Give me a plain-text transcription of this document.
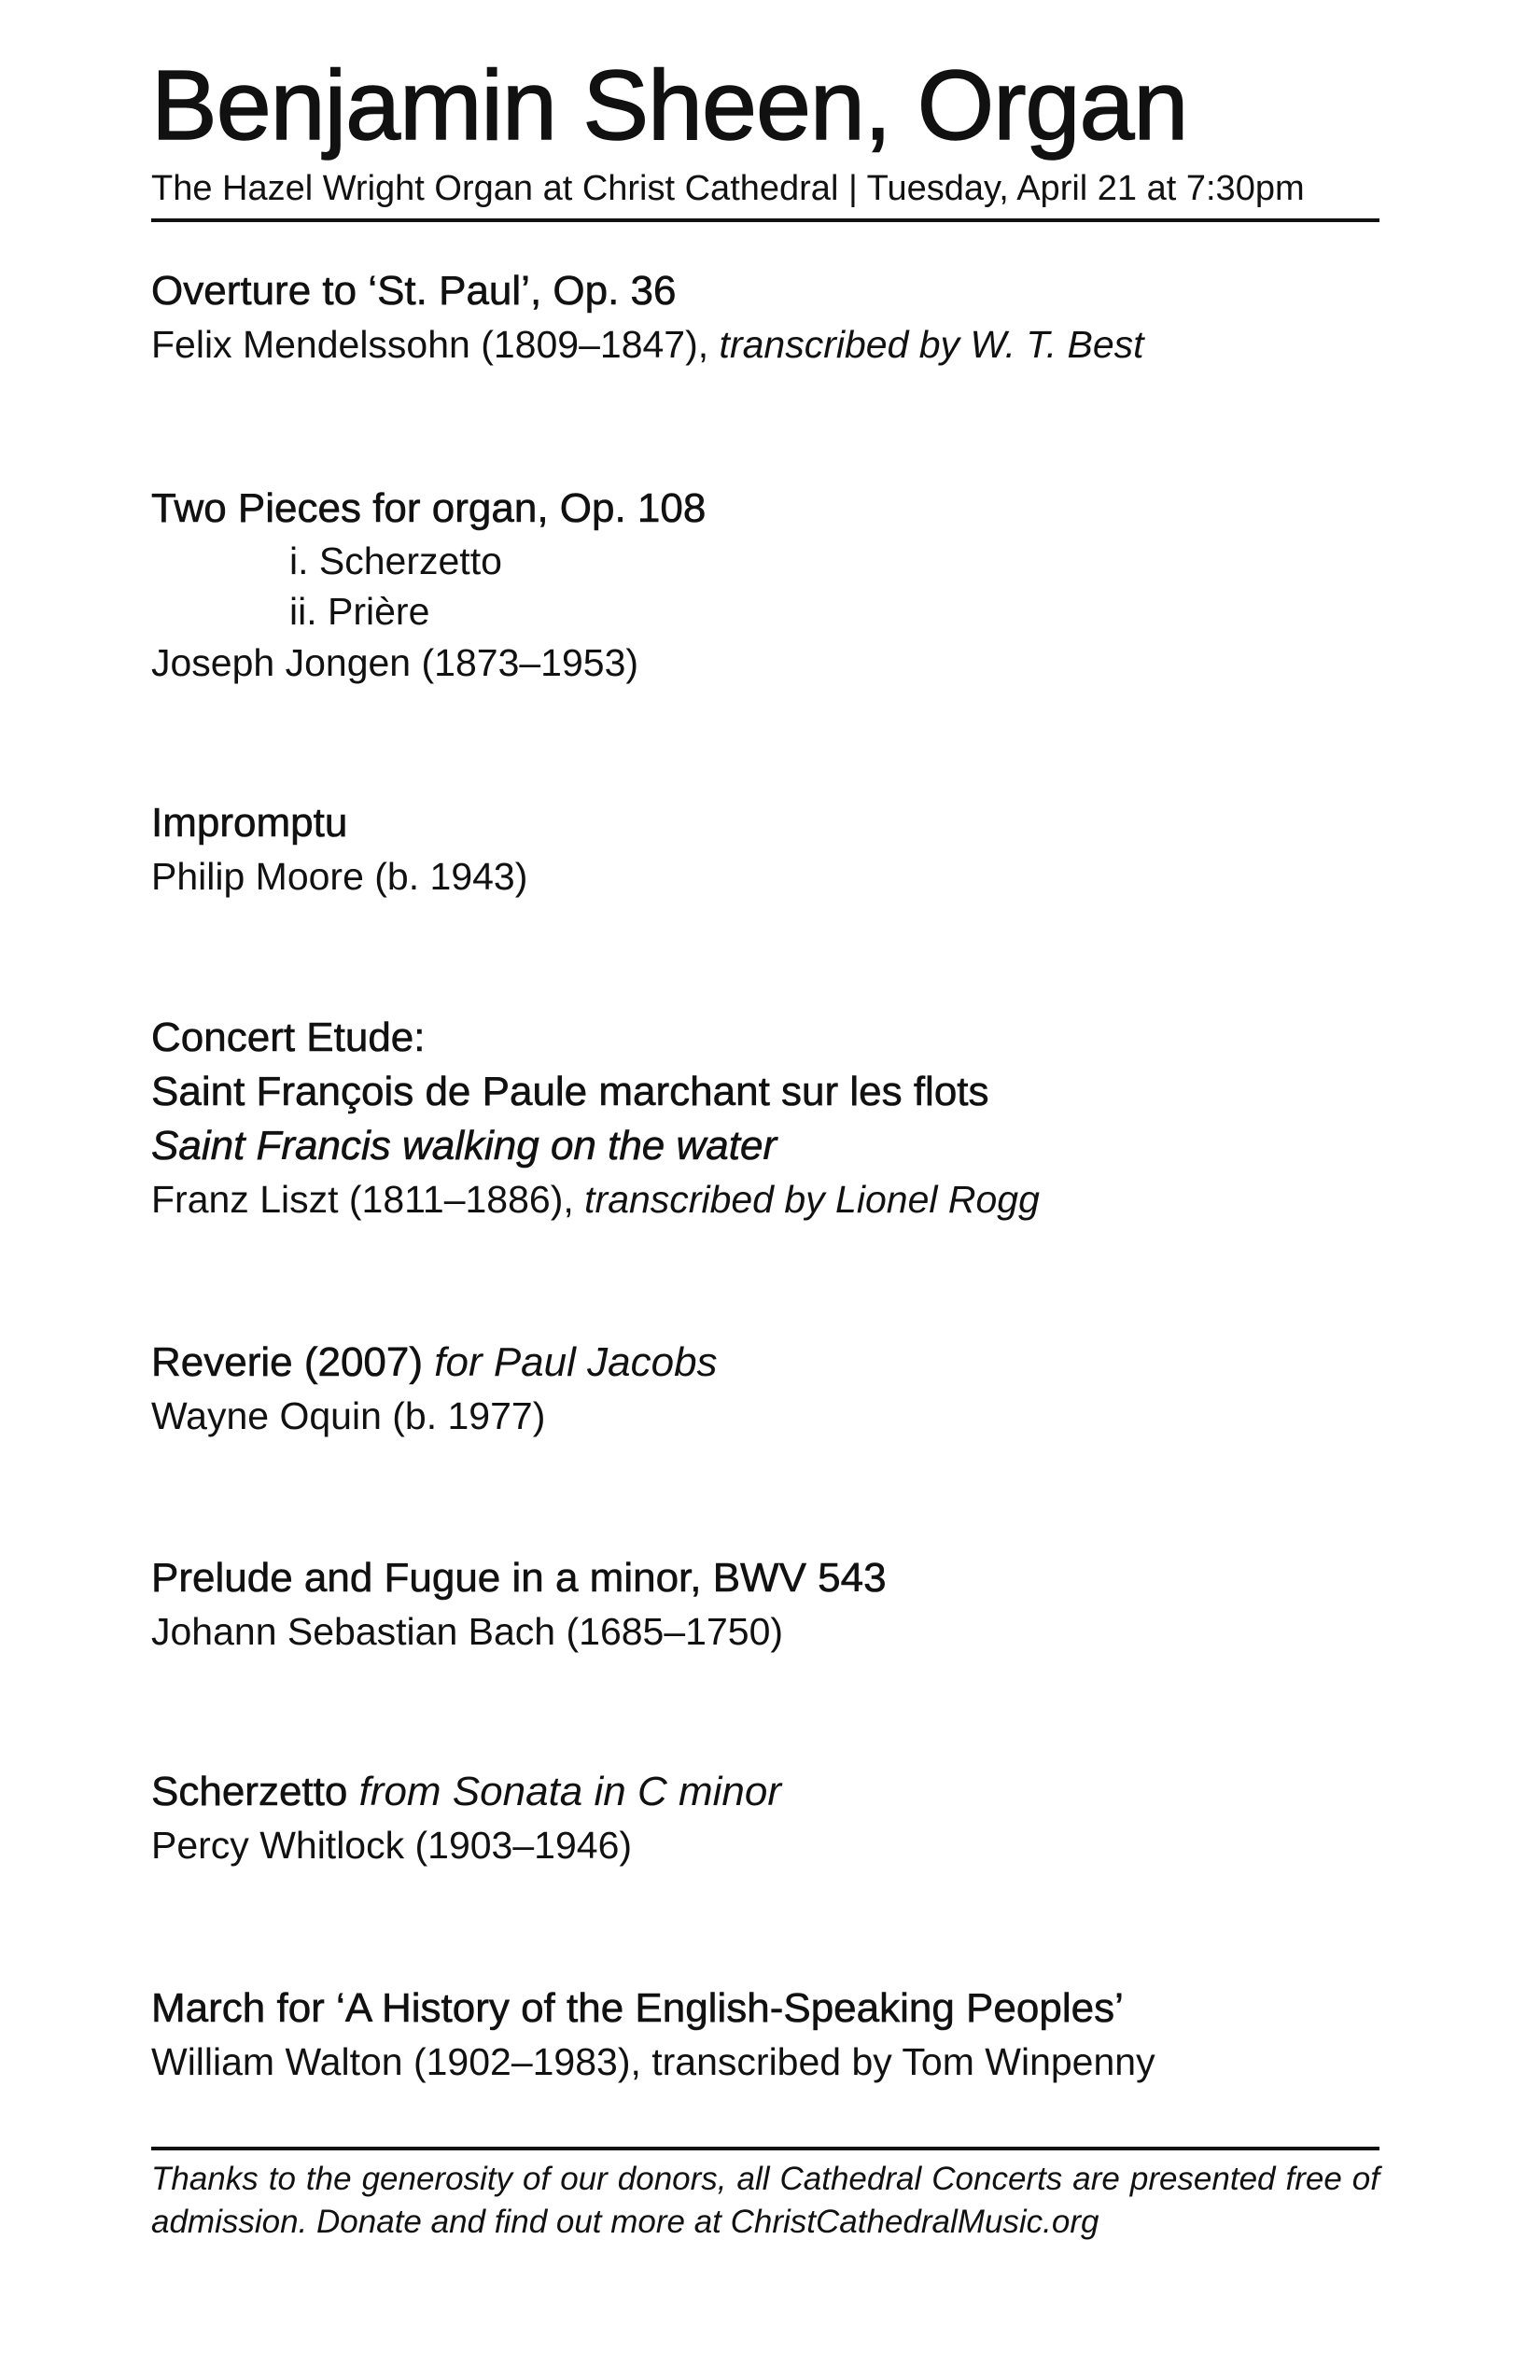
Benjamin Sheen, Organ
The Hazel Wright Organ at Christ Cathedral | Tuesday, April 21 at 7:30pm
Overture to ‘St. Paul’, Op. 36
Felix Mendelssohn (1809–1847), transcribed by W. T. Best
Two Pieces for organ, Op. 108
i. Scherzetto
ii. Prière
Joseph Jongen (1873–1953)
Impromptu
Philip Moore (b. 1943)
Concert Etude:
Saint François de Paule marchant sur les flots
Saint Francis walking on the water
Franz Liszt (1811–1886), transcribed by Lionel Rogg
Reverie (2007) for Paul Jacobs
Wayne Oquin (b. 1977)
Prelude and Fugue in a minor, BWV 543
Johann Sebastian Bach (1685–1750)
Scherzetto from Sonata in C minor
Percy Whitlock (1903–1946)
March for ‘A History of the English-Speaking Peoples’
William Walton (1902–1983), transcribed by Tom Winpenny
Thanks to the generosity of our donors, all Cathedral Concerts are presented free of admission. Donate and find out more at ChristCathedralMusic.org
